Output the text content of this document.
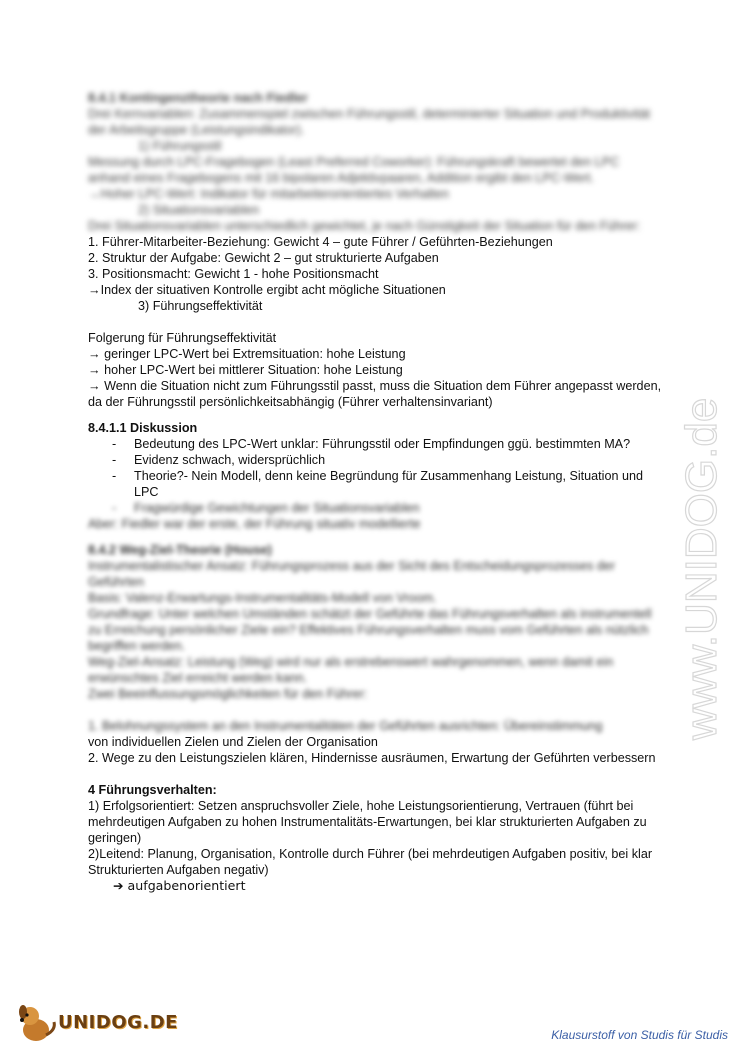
8.4.1 Kontingenztheorie nach Fiedler
Drei Kernvariablen: Zusammenspiel zwischen Führungsstil, determinierter Situation und Produktivität der Arbeitsgruppe (Leistungsindikator).
1) Führungsstil
Messung durch LPC-Fragebogen (Least Preferred Coworker): Führungskraft bewertet den LPC anhand eines Fragebogens mit 16 bipolaren Adjektivpaaren, Addition ergibt den LPC-Wert.
→Hoher LPC-Wert: Indikator für mitarbeiterorientiertes Verhalten
2) Situationsvariablen
Drei Situationsvariablen unterschiedlich gewichtet, je nach Günstigkeit der Situation für den Führer:
1. Führer-Mitarbeiter-Beziehung: Gewicht 4 – gute Führer / Geführten-Beziehungen
2. Struktur der Aufgabe: Gewicht 2 – gut strukturierte Aufgaben
3. Positionsmacht: Gewicht 1 - hohe Positionsmacht
→Index der situativen Kontrolle ergibt acht mögliche Situationen
3) Führungseffektivität
Folgerung für Führungseffektivität
→ geringer LPC-Wert bei Extremsituation: hohe Leistung
→ hoher LPC-Wert bei mittlerer Situation: hohe Leistung
→ Wenn die Situation nicht zum Führungsstil passt, muss die Situation dem Führer angepasst werden, da der Führungsstil persönlichkeitsabhängig (Führer verhaltensinvariant)
8.4.1.1 Diskussion
-	Bedeutung des LPC-Wert unklar: Führungsstil oder Empfindungen ggü. bestimmten MA?
-	Evidenz schwach, widersprüchlich
-	Theorie?- Nein Modell, denn keine Begründung für Zusammenhang Leistung, Situation und LPC
-	Fragwürdige Gewichtungen der Situationsvariablen
Aber: Fiedler war der erste, der Führung situativ modellierte
8.4.2 Weg-Ziel-Theorie (House)
Instrumentalistischer Ansatz: Führungsprozess aus der Sicht des Entscheidungsprozesses der Geführten
Basis: Valenz-Erwartungs-Instrumentalitäts-Modell von Vroom.
Grundfrage: Unter welchen Umständen schätzt der Geführte das Führungsverhalten als instrumentell zu Erreichung persönlicher Ziele ein? Effektives Führungsverhalten muss vom Geführten als nützlich begriffen werden.
Weg-Ziel-Ansatz: Leistung (Weg) wird nur als erstrebenswert wahrgenommen, wenn damit ein erwünschtes Ziel erreicht werden kann.
Zwei Beeinflussungsmöglichkeiten für den Führer:
1. Belohnungssystem an den Instrumentalitäten der Geführten ausrichten: Übereinstimmung
von individuellen Zielen und Zielen der Organisation
2. Wege zu den Leistungszielen klären, Hindernisse ausräumen, Erwartung der Geführten verbessern
4 Führungsverhalten:
1) Erfolgsorientiert: Setzen anspruchsvoller Ziele, hohe Leistungsorientierung, Vertrauen (führt bei mehrdeutigen Aufgaben zu hohen Instrumentalitäts-Erwartungen, bei klar strukturierten Aufgaben zu geringen)
2)Leitend: Planung, Organisation, Kontrolle durch Führer (bei mehrdeutigen Aufgaben positiv, bei klar Strukturierten Aufgaben negativ)
➔ aufgabenorientiert
www.UNIDOG.de
UNIDOG.DE
Klausurstoff von Studis für Studis
